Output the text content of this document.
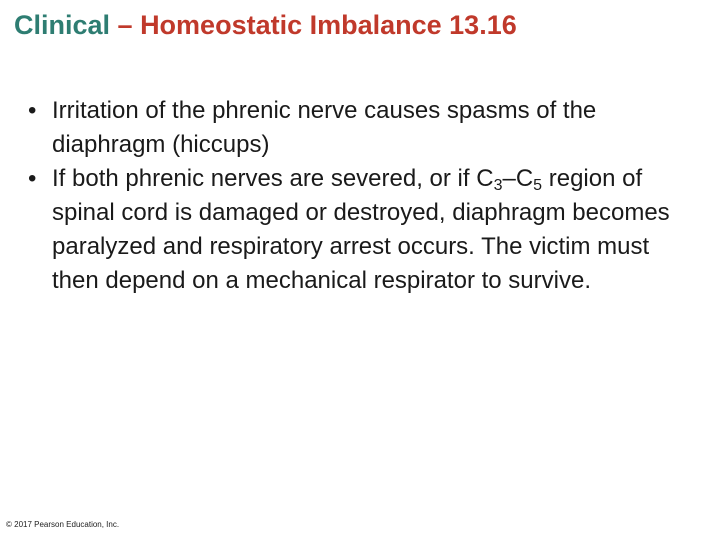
Clinical – Homeostatic Imbalance 13.16
• Irritation of the phrenic nerve causes spasms of the diaphragm (hiccups)
• If both phrenic nerves are severed, or if $C_3-C_5$ region of spinal cord is damaged or destroyed, diaphragm becomes paralyzed and respiratory arrest occurs. The victim must then depend on a mechanical respirator to survive.
© 2017 Pearson Education, Inc.
